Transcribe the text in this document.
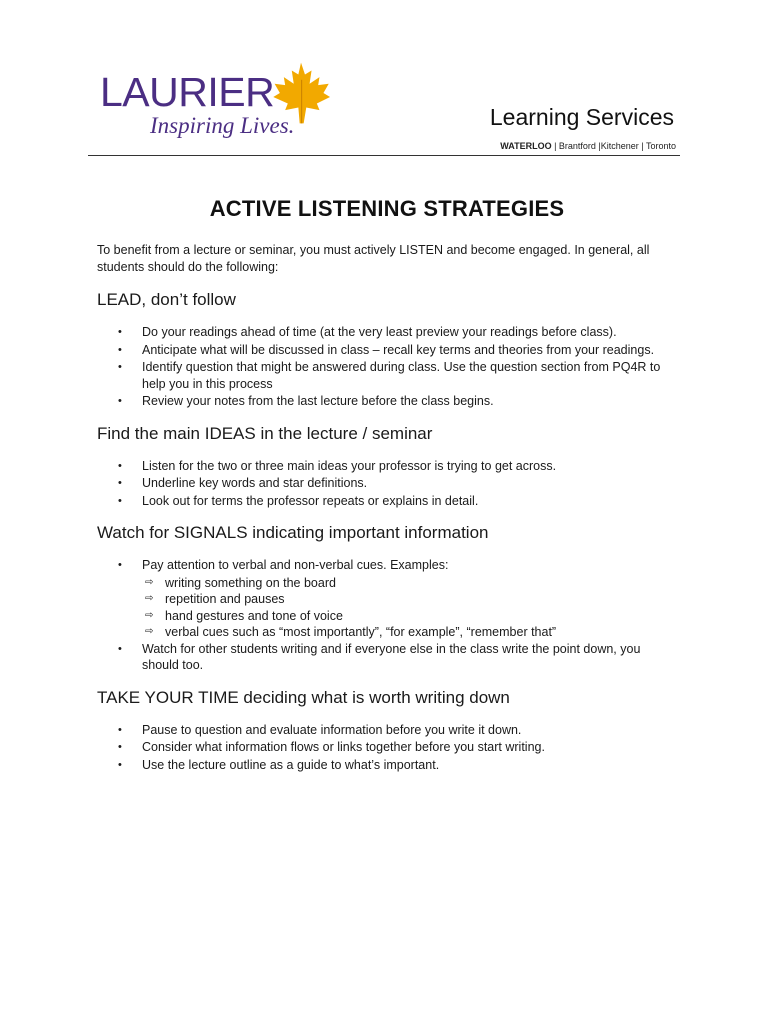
LAURIER
Inspiring Lives.	Learning Services
WATERLOO | Brantford |Kitchener | Toronto
ACTIVE LISTENING STRATEGIES

To benefit from a lecture or seminar, you must actively LISTEN and become engaged. In general, all students should do the following:

LEAD, don’t follow
• Do your readings ahead of time (at the very least preview your readings before class).
• Anticipate what will be discussed in class – recall key terms and theories from your readings.
• Identify question that might be answered during class. Use the question section from PQ4R to help you in this process
• Review your notes from the last lecture before the class begins.
Find the main IDEAS in the lecture / seminar
• Listen for the two or three main ideas your professor is trying to get across.
• Underline key words and star definitions.
• Look out for terms the professor repeats or explains in detail.
Watch for SIGNALS indicating important information
• Pay attention to verbal and non-verbal cues. Examples:
⇨ writing something on the board
⇨ repetition and pauses
⇨ hand gestures and tone of voice
⇨ verbal cues such as “most importantly”, “for example”, “remember that”
• Watch for other students writing and if everyone else in the class write the point down, you should too.
TAKE YOUR TIME deciding what is worth writing down
• Pause to question and evaluate information before you write it down.
• Consider what information flows or links together before you start writing.
• Use the lecture outline as a guide to what’s important.
